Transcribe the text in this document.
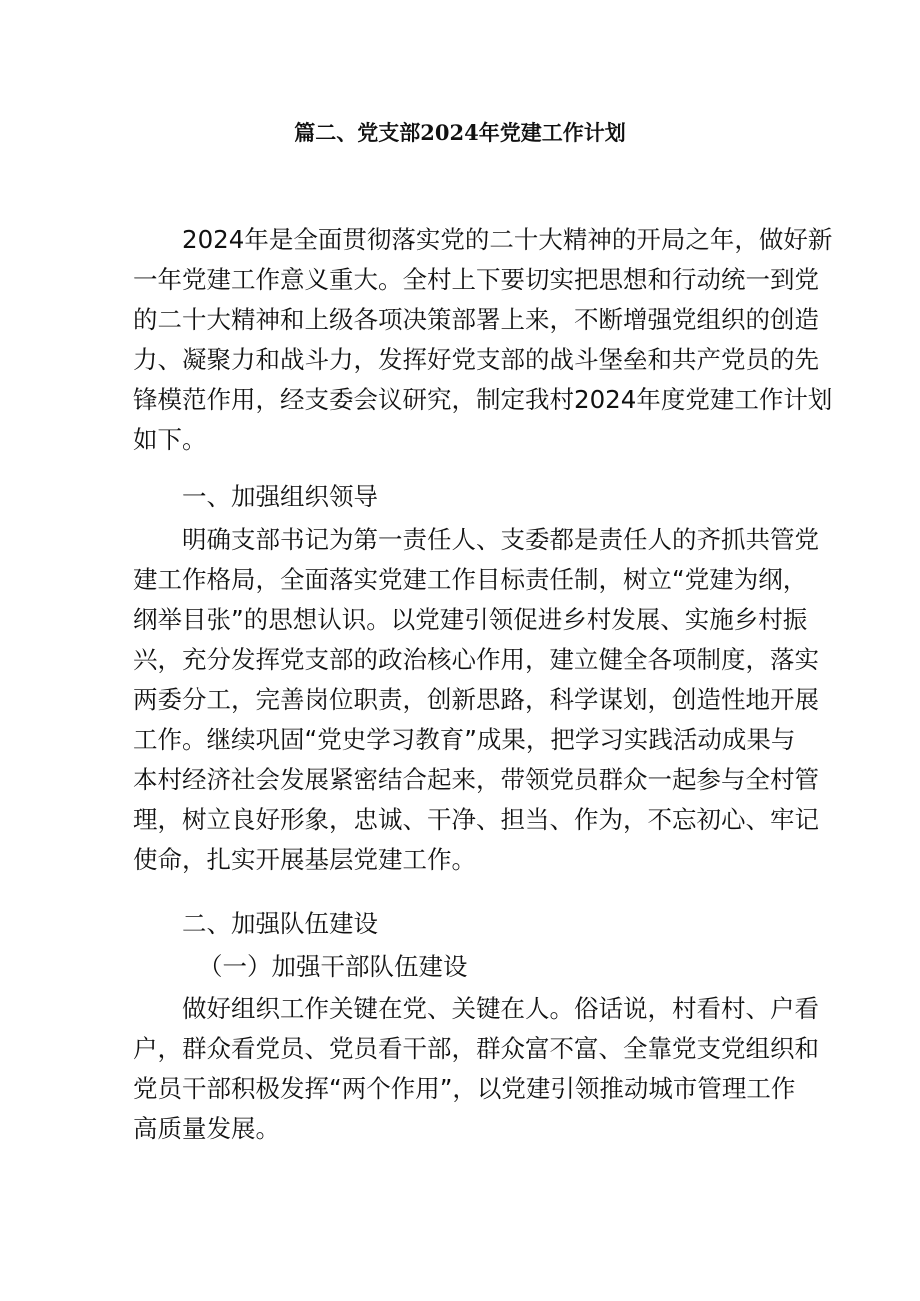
篇二、党支部2024年党建工作计划
2024年是全面贯彻落实党的二十大精神的开局之年，做好新
一年党建工作意义重大。全村上下要切实把思想和行动统一到党
的二十大精神和上级各项决策部署上来，不断增强党组织的创造
力、凝聚力和战斗力，发挥好党支部的战斗堡垒和共产党员的先
锋模范作用，经支委会议研究，制定我村2024年度党建工作计划
如下。
一、加强组织领导
明确支部书记为第一责任人、支委都是责任人的齐抓共管党
建工作格局，全面落实党建工作目标责任制，树立“党建为纲，
纲举目张”的思想认识。以党建引领促进乡村发展、实施乡村振
兴，充分发挥党支部的政治核心作用，建立健全各项制度，落实
两委分工，完善岗位职责，创新思路，科学谋划，创造性地开展
工作。继续巩固“党史学习教育”成果，把学习实践活动成果与
本村经济社会发展紧密结合起来，带领党员群众一起参与全村管
理，树立良好形象，忠诚、干净、担当、作为，不忘初心、牢记
使命，扎实开展基层党建工作。
二、加强队伍建设
（一）加强干部队伍建设
做好组织工作关键在党、关键在人。俗话说，村看村、户看
户，群众看党员、党员看干部，群众富不富、全靠党支党组织和
党员干部积极发挥“两个作用”，以党建引领推动城市管理工作
高质量发展。
